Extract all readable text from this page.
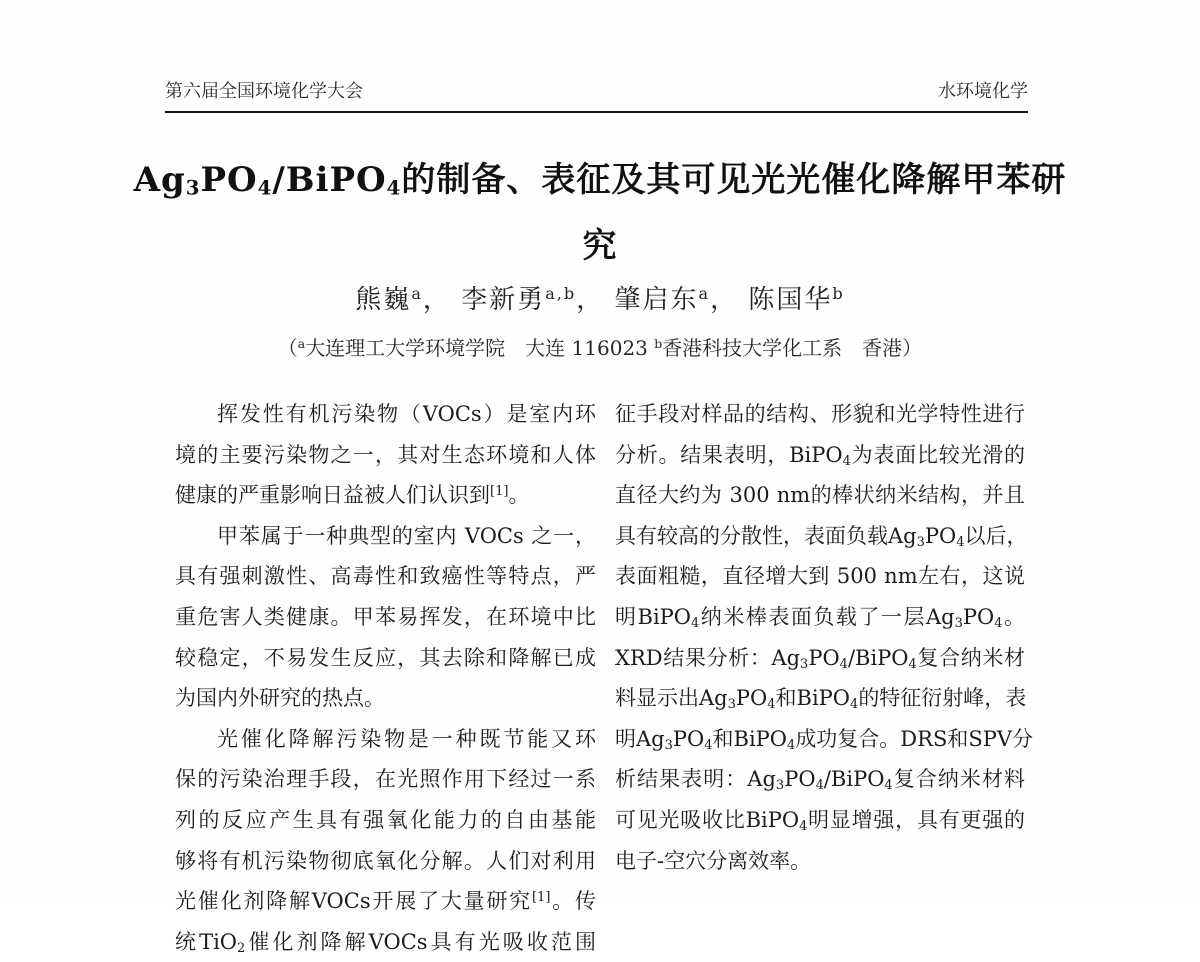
第六届全国环境化学大会	水环境化学
$Ag_3PO_4/BiPO_4$的制备、表征及其可见光光催化降解甲苯研
究
熊巍$^a$， 李新勇$^{a,b}$， 肇启东$^a$， 陈国华$^b$
（$^a$大连理工大学环境学院　大连 116023 $^b$香港科技大学化工系　香港）
挥发性有机污染物（VOCs）是室内环
境的主要污染物之一，其对生态环境和人体
健康的严重影响日益被人们认识到[1]。
甲苯属于一种典型的室内 VOCs 之一，
具有强刺激性、高毒性和致癌性等特点，严
重危害人类健康。甲苯易挥发，在环境中比
较稳定，不易发生反应，其去除和降解已成
为国内外研究的热点。
光催化降解污染物是一种既节能又环
保的污染治理手段，在光照作用下经过一系
列的反应产生具有强氧化能力的自由基能
够将有机污染物彻底氧化分解。人们对利用
光催化剂降解VOCs开展了大量研究[1]。传
统TiO$_2$催化剂降解VOCs具有光吸收范围
征手段对样品的结构、形貌和光学特性进行
分析。结果表明，BiPO$_4$为表面比较光滑的
直径大约为 300 nm的棒状纳米结构，并且
具有较高的分散性，表面负载$Ag_3PO_4$以后，
表面粗糙，直径增大到 500 nm左右，这说
明BiPO$_4$纳米棒表面负载了一层$Ag_3PO_4$。
XRD结果分析：$Ag_3PO_4/BiPO_4$复合纳米材
料显示出$Ag_3PO_4$和BiPO$_4$的特征衍射峰，表
明$Ag_3PO_4$和BiPO$_4$成功复合。DRS和SPV分
析结果表明：$Ag_3PO_4/BiPO_4$复合纳米材料
可见光吸收比BiPO$_4$明显增强，具有更强的
电子-空穴分离效率。
